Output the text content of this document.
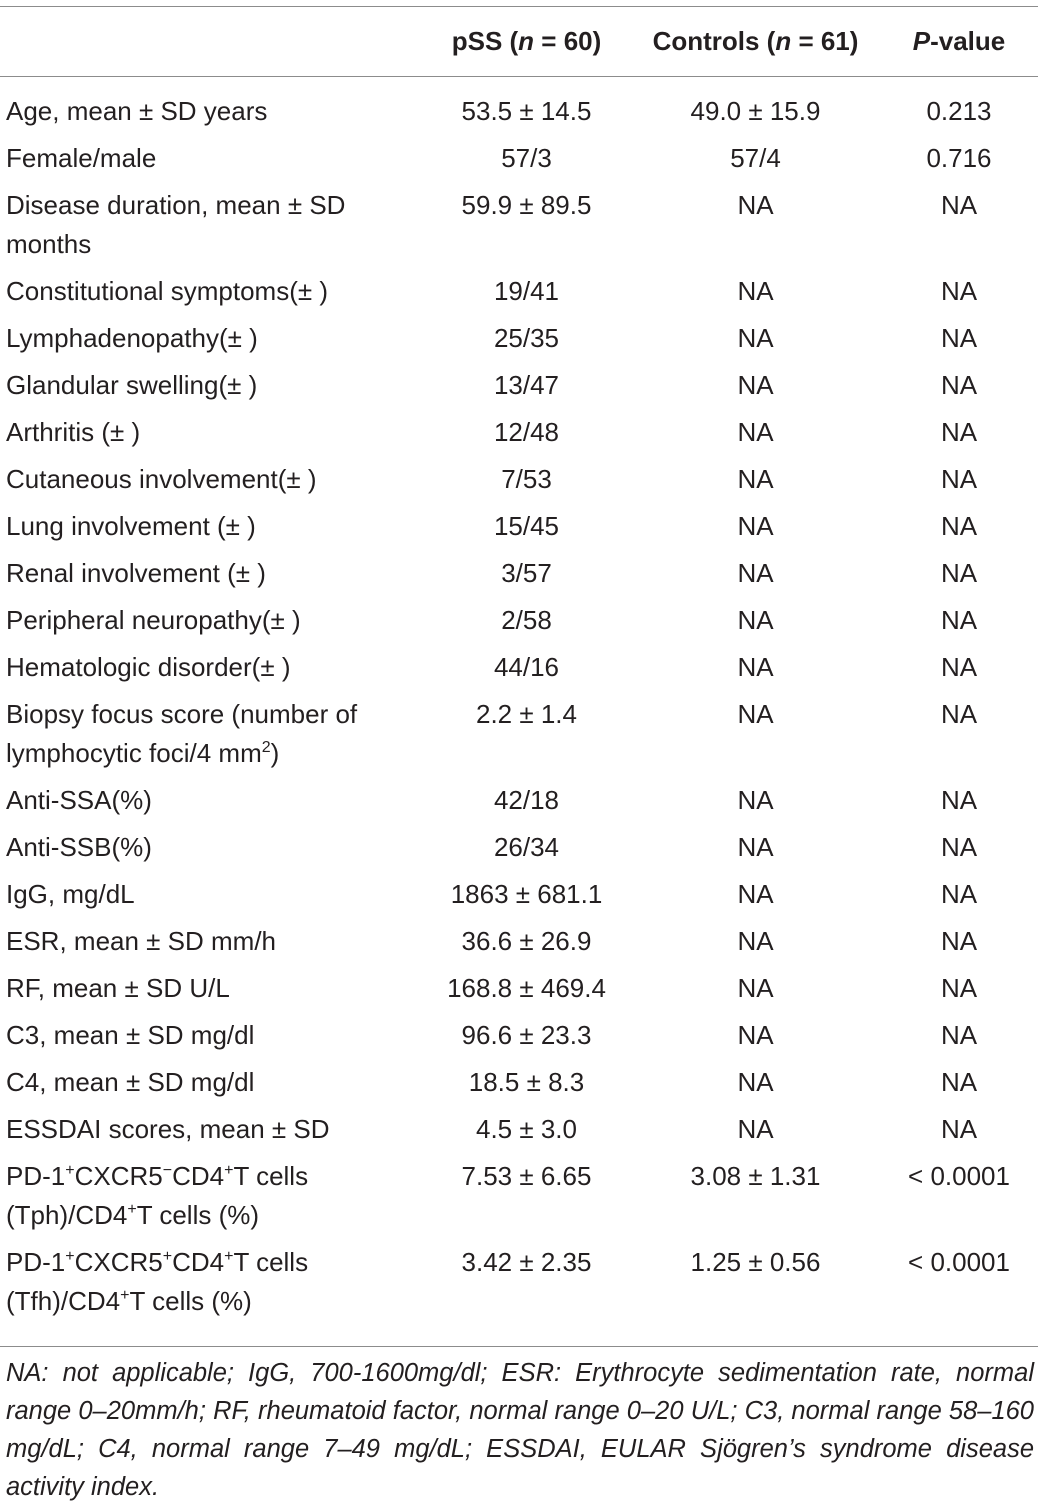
	pSS (n = 60)	Controls (n = 61)	P-value
Age, mean ± SD years	53.5 ± 14.5	49.0 ± 15.9	0.213
Female/male	57/3	57/4	0.716
Disease duration, mean ± SD months	59.9 ± 89.5	NA	NA
Constitutional symptoms(± )	19/41	NA	NA
Lymphadenopathy(± )	25/35	NA	NA
Glandular swelling(± )	13/47	NA	NA
Arthritis (± )	12/48	NA	NA
Cutaneous involvement(± )	7/53	NA	NA
Lung involvement (± )	15/45	NA	NA
Renal involvement (± )	3/57	NA	NA
Peripheral neuropathy(± )	2/58	NA	NA
Hematologic disorder(± )	44/16	NA	NA
Biopsy focus score (number of lymphocytic foci/4 $mm^2$)	2.2 ± 1.4	NA	NA
Anti-SSA(%)	42/18	NA	NA
Anti-SSB(%)	26/34	NA	NA
IgG, mg/dL	1863 ± 681.1	NA	NA
ESR, mean ± SD mm/h	36.6 ± 26.9	NA	NA
RF, mean ± SD U/L	168.8 ± 469.4	NA	NA
C3, mean ± SD mg/dl	96.6 ± 23.3	NA	NA
C4, mean ± SD mg/dl	18.5 ± 8.3	NA	NA
ESSDAI scores, mean ± SD	4.5 ± 3.0	NA	NA
PD-1+CXCR5−CD4+T cells (Tph)/CD4+T cells (%)	7.53 ± 6.65	3.08 ± 1.31	< 0.0001
PD-1+CXCR5+CD4+T cells (Tfh)/CD4+T cells (%)	3.42 ± 2.35	1.25 ± 0.56	< 0.0001
NA: not applicable; IgG, 700-1600mg/dl; ESR: Erythrocyte sedimentation rate, normal range 0–20mm/h; RF, rheumatoid factor, normal range 0–20 U/L; C3, normal range 58–160 mg/dL; C4, normal range 7–49 mg/dL; ESSDAI, EULAR Sjögren’s syndrome disease activity index.
